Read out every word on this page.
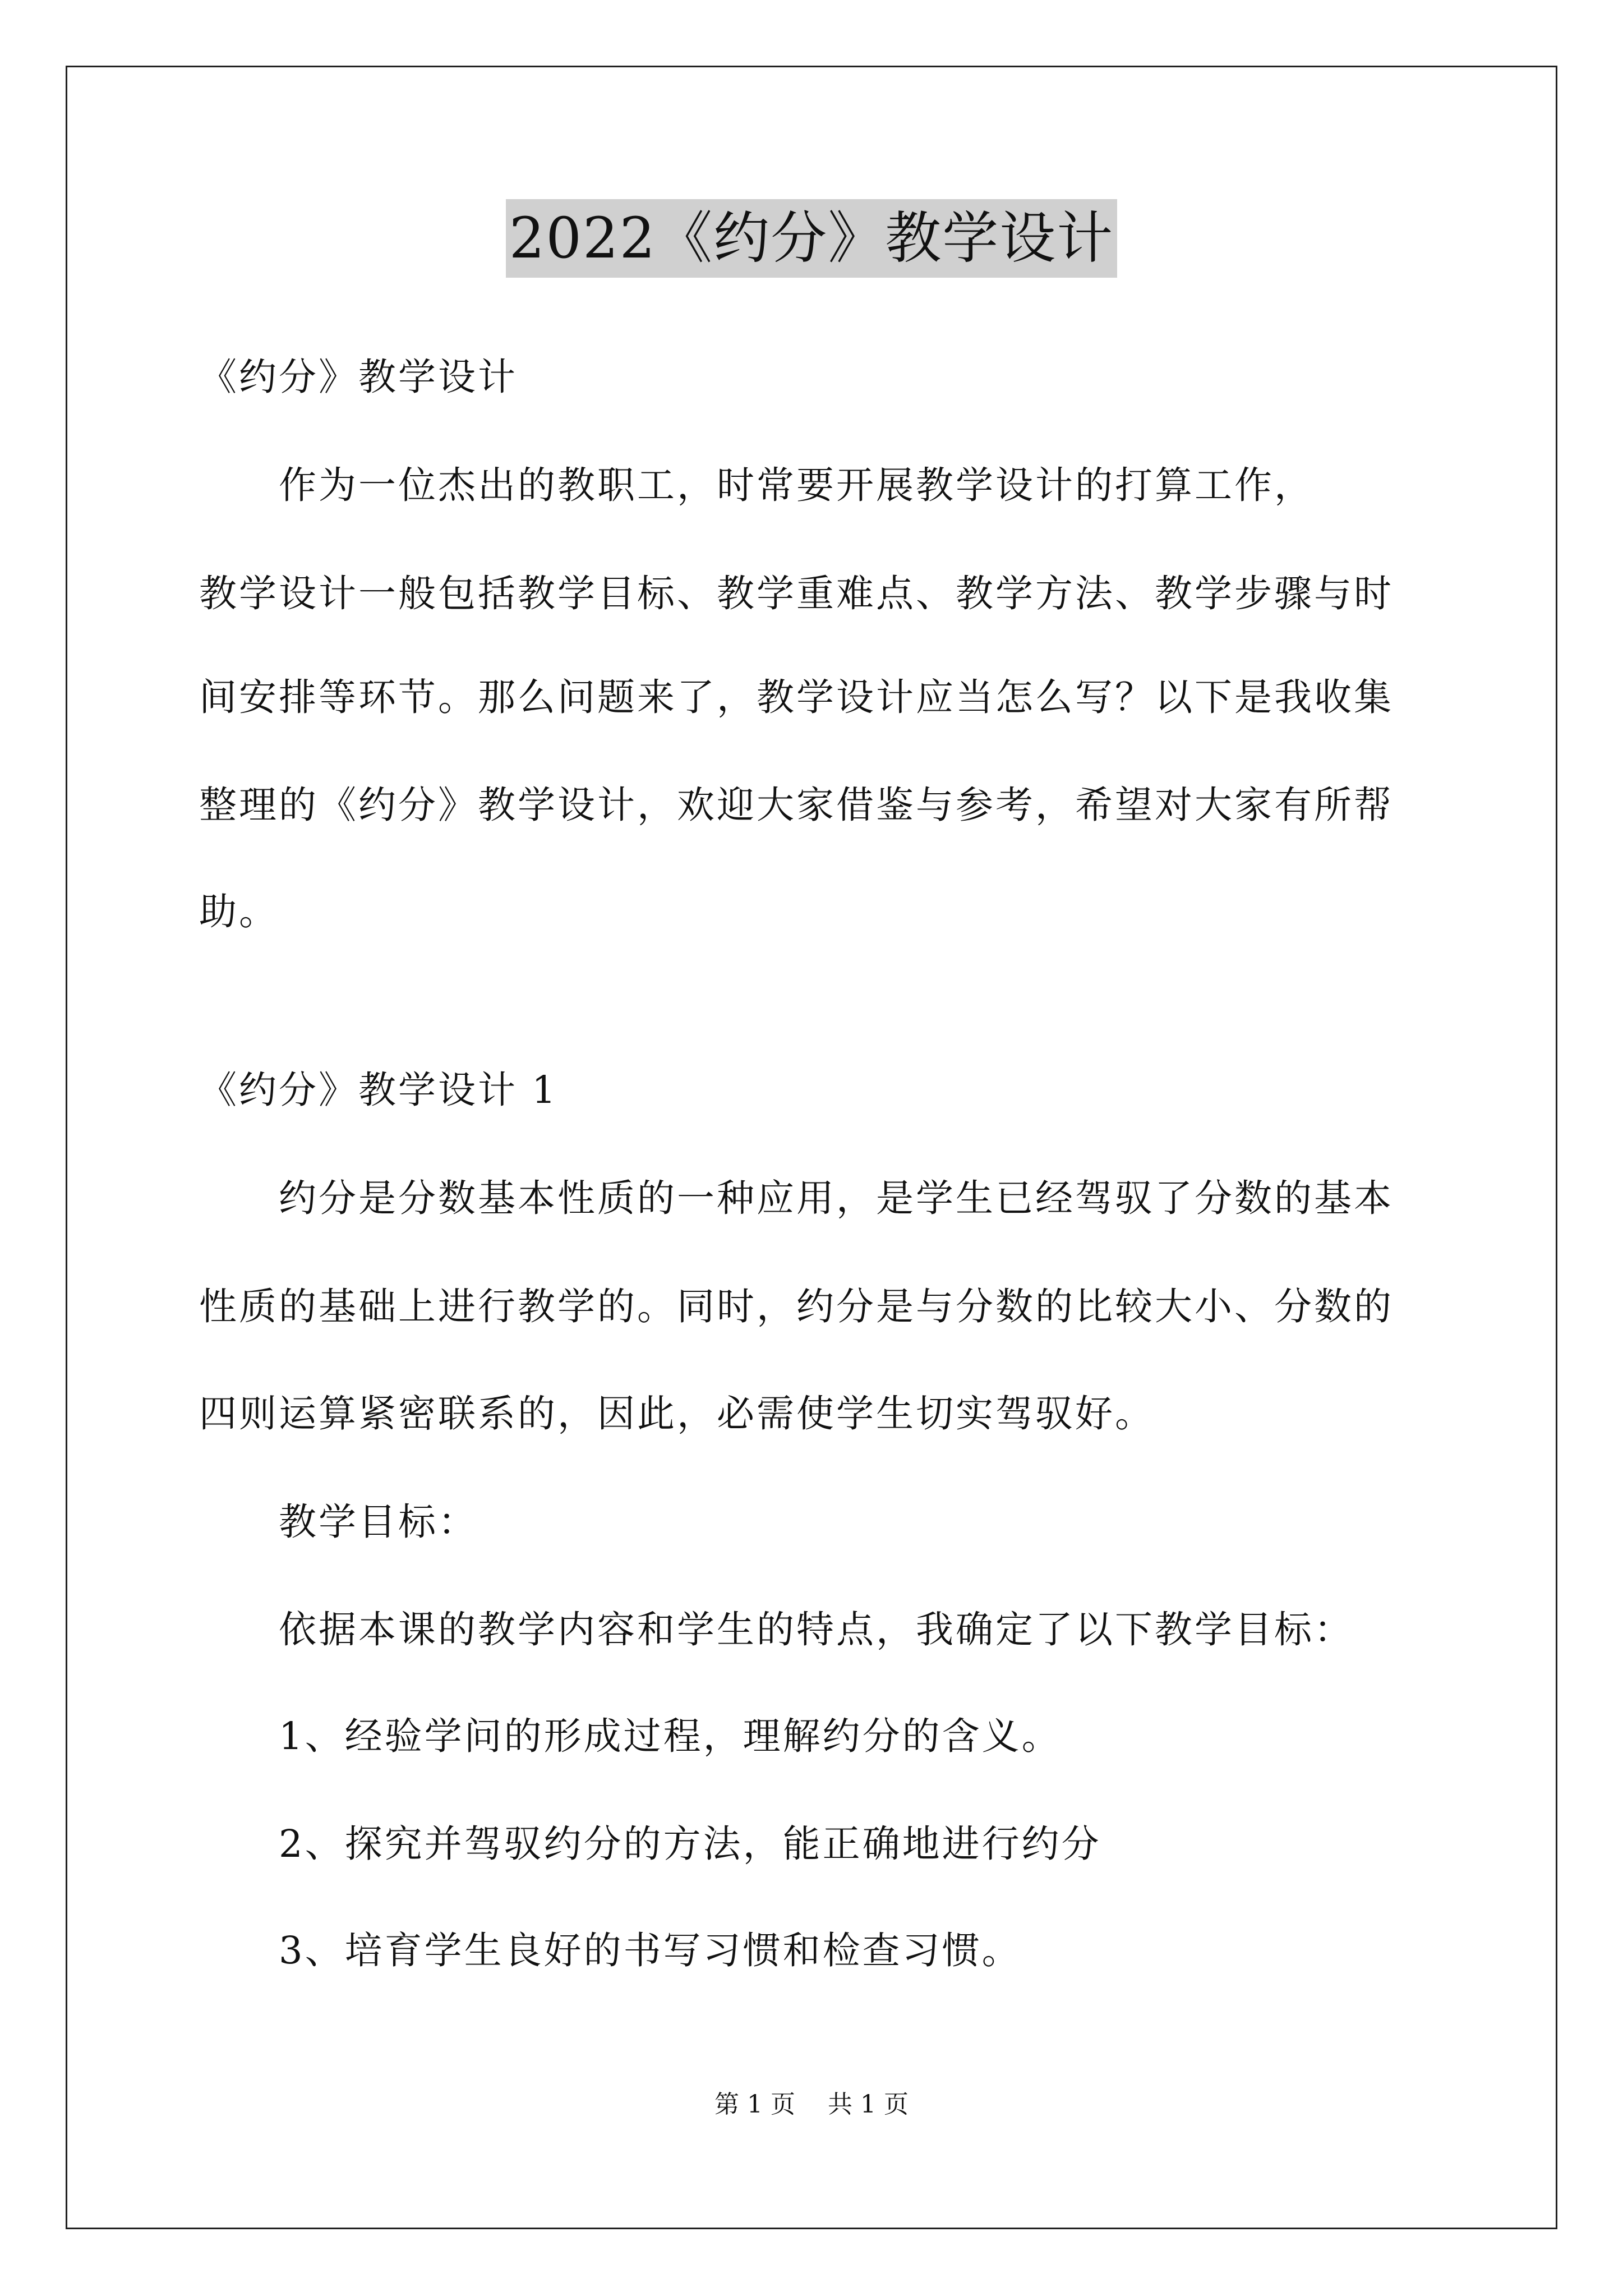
2022《约分》教学设计
《约分》教学设计
　　作为一位杰出的教职工，时常要开展教学设计的打算工作，
教学设计一般包括教学目标、教学重难点、教学方法、教学步骤与时
间安排等环节。那么问题来了，教学设计应当怎么写？以下是我收集
整理的《约分》教学设计，欢迎大家借鉴与参考，希望对大家有所帮
助。
《约分》教学设计 1
　　约分是分数基本性质的一种应用，是学生已经驾驭了分数的基本
性质的基础上进行教学的。同时，约分是与分数的比较大小、分数的
四则运算紧密联系的，因此，必需使学生切实驾驭好。
　　教学目标：
　　依据本课的教学内容和学生的特点，我确定了以下教学目标：
　　1、经验学问的形成过程，理解约分的含义。
　　2、探究并驾驭约分的方法，能正确地进行约分
　　3、培育学生良好的书写习惯和检查习惯。
第 1 页　 共 1 页
